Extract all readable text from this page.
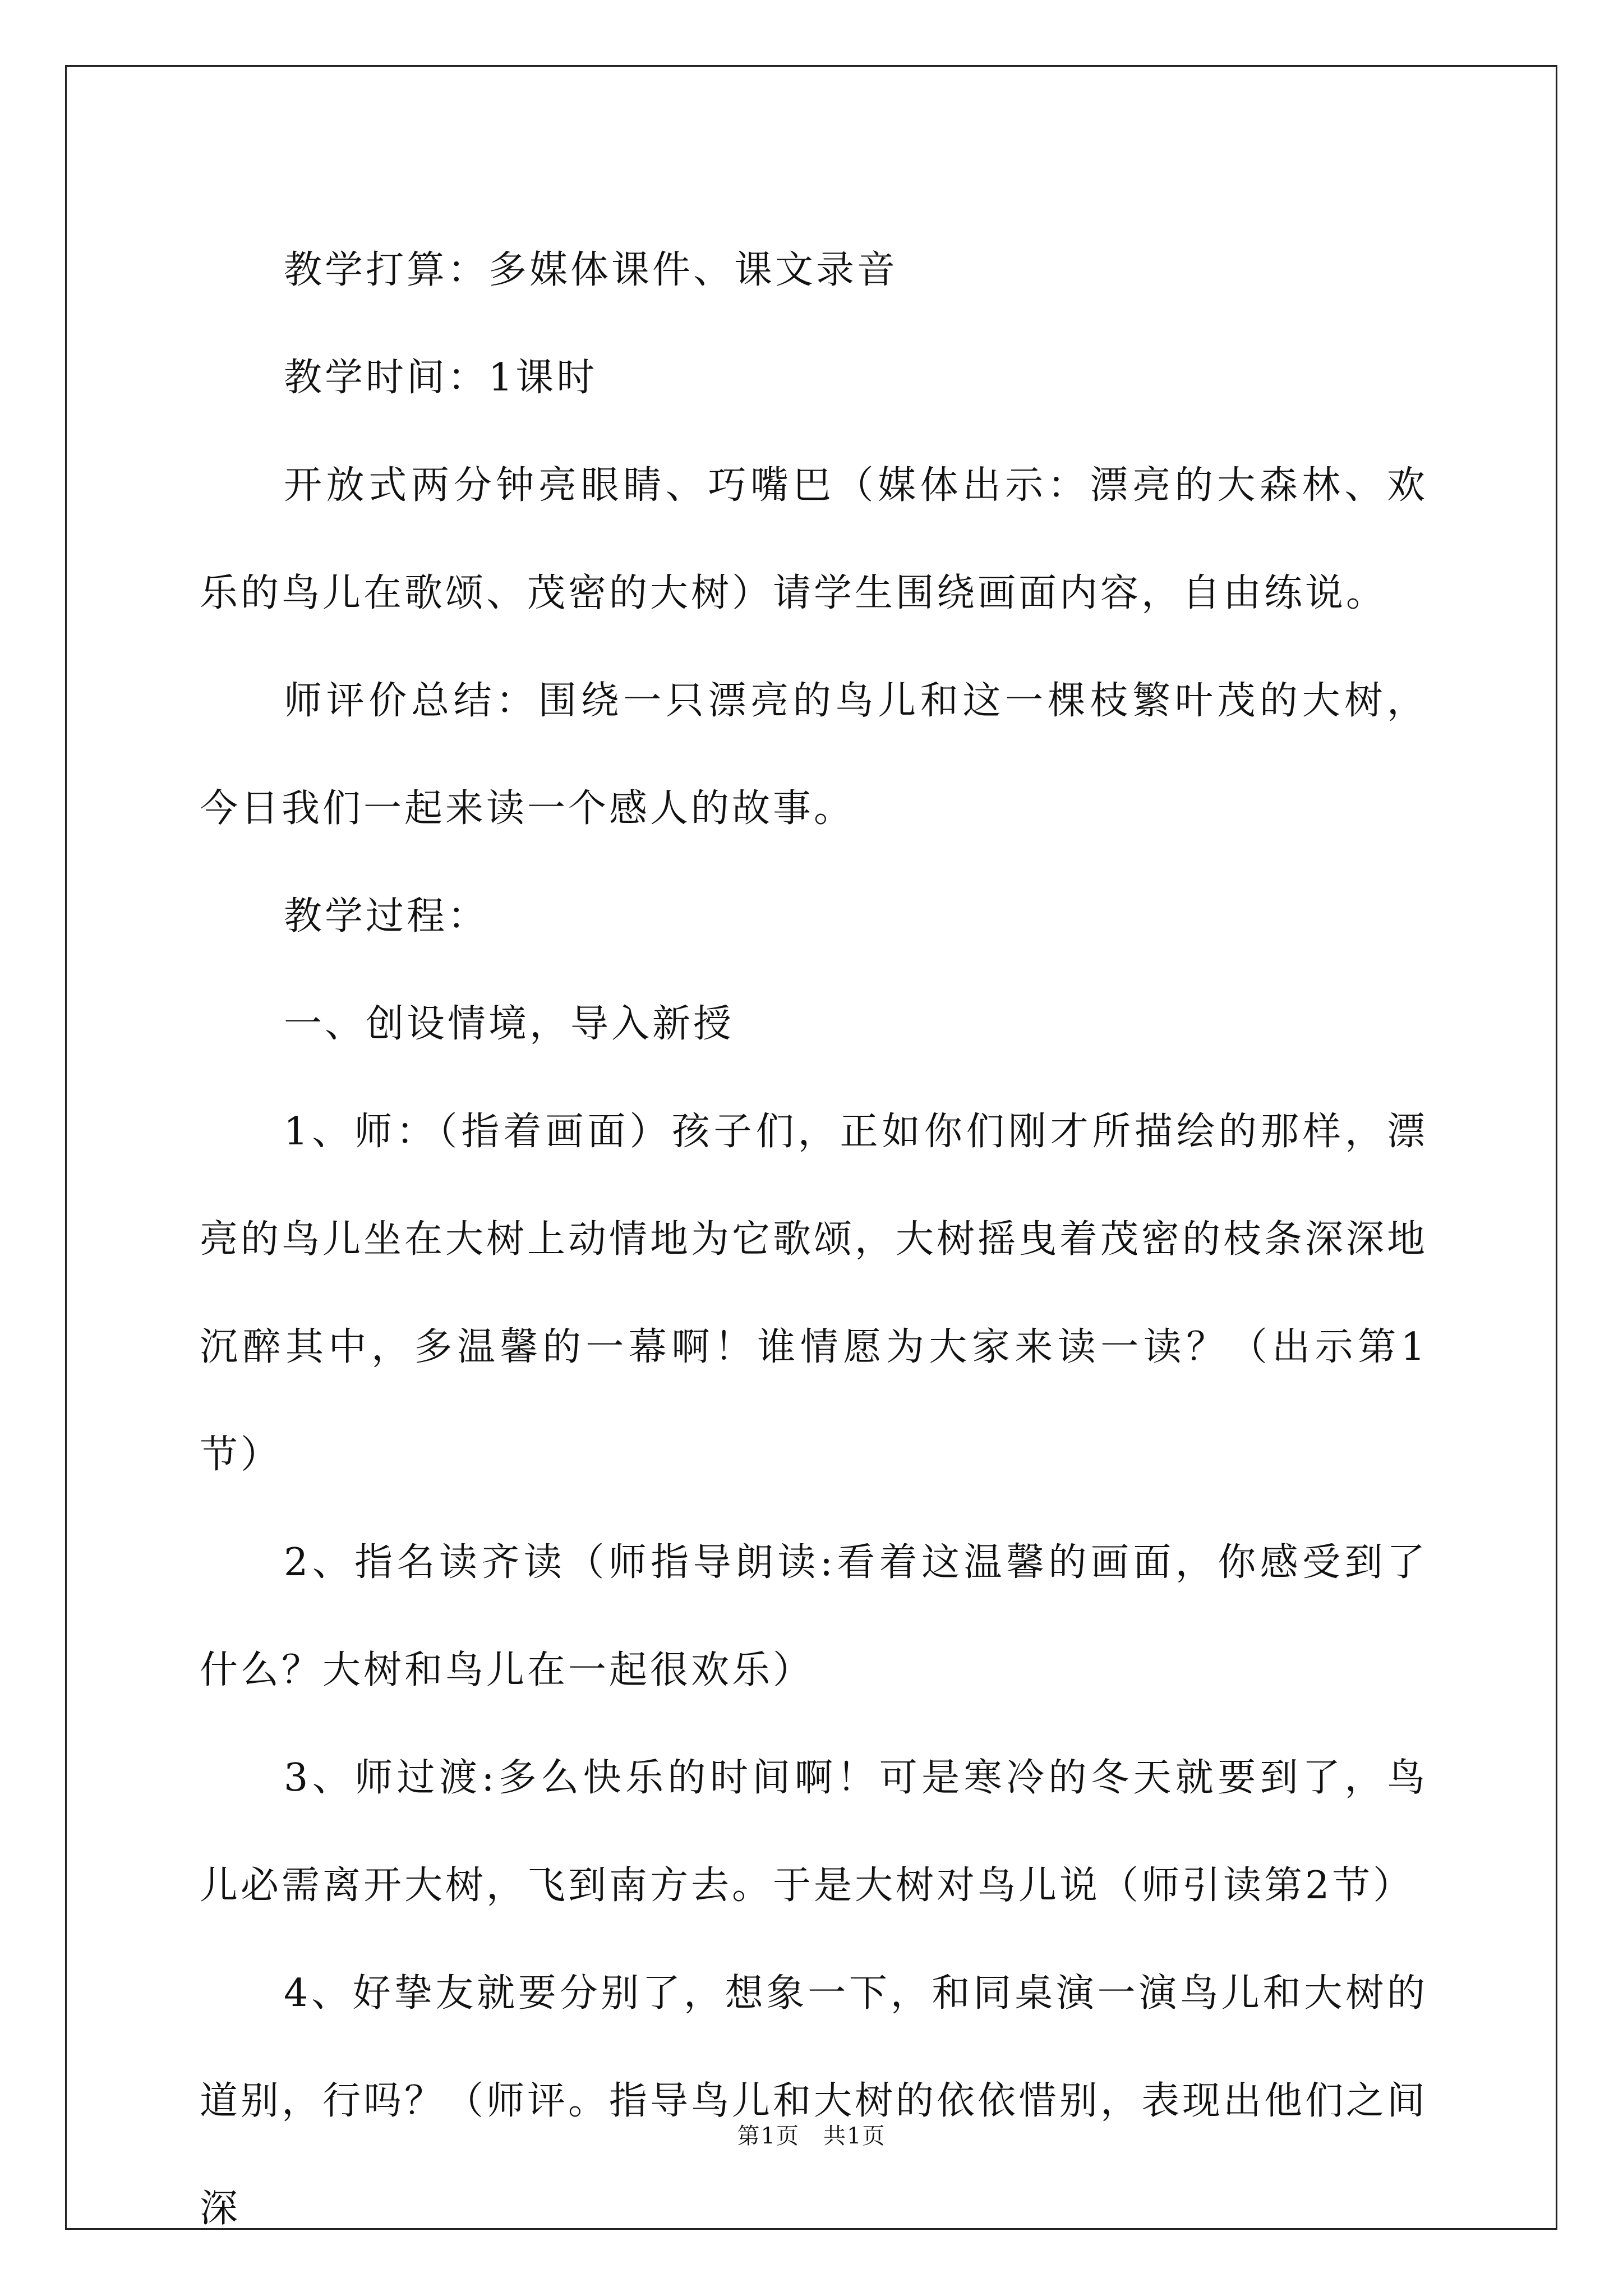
教学打算：多媒体课件、课文录音

教学时间：1课时

开放式两分钟亮眼睛、巧嘴巴（媒体出示：漂亮的大森林、欢乐的鸟儿在歌颂、茂密的大树）请学生围绕画面内容，自由练说。

师评价总结：围绕一只漂亮的鸟儿和这一棵枝繁叶茂的大树，今日我们一起来读一个感人的故事。

教学过程：

一、创设情境，导入新授

1、师：（指着画面）孩子们，正如你们刚才所描绘的那样，漂亮的鸟儿坐在大树上动情地为它歌颂，大树摇曳着茂密的枝条深深地沉醉其中，多温馨的一幕啊！谁情愿为大家来读一读？（出示第1节）

2、指名读齐读（师指导朗读:看着这温馨的画面，你感受到了什么？大树和鸟儿在一起很欢乐）

3、师过渡:多么快乐的时间啊！可是寒冷的冬天就要到了，鸟儿必需离开大树，飞到南方去。于是大树对鸟儿说（师引读第2节）

4、好挚友就要分别了，想象一下，和同桌演一演鸟儿和大树的道别，行吗？（师评。指导鸟儿和大树的依依惜别，表现出他们之间深

第1页　共1页
